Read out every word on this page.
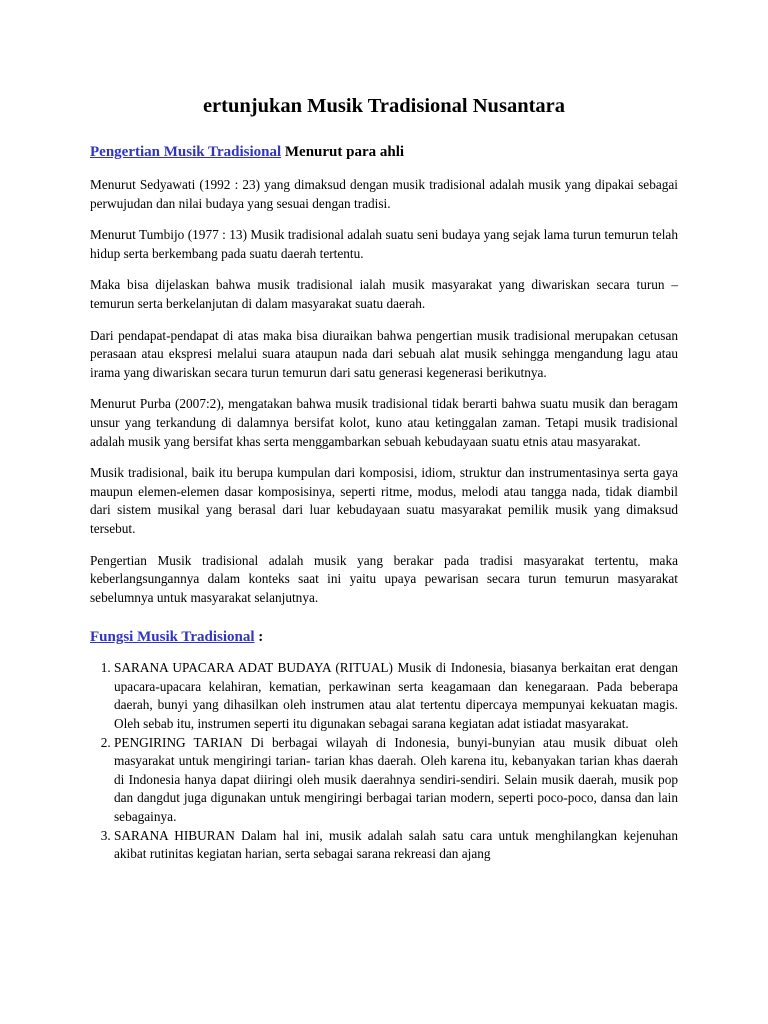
ertunjukan Musik Tradisional Nusantara
Pengertian Musik Tradisional Menurut para ahli

Menurut Sedyawati (1992 : 23) yang dimaksud dengan musik tradisional adalah musik yang dipakai sebagai perwujudan dan nilai budaya yang sesuai dengan tradisi.

Menurut Tumbijo (1977 : 13) Musik tradisional adalah suatu seni budaya yang sejak lama turun temurun telah hidup serta berkembang pada suatu daerah tertentu.

Maka bisa dijelaskan bahwa musik tradisional ialah musik masyarakat yang diwariskan secara turun – temurun serta berkelanjutan di dalam masyarakat suatu daerah.

Dari pendapat-pendapat di atas maka bisa diuraikan bahwa pengertian musik tradisional merupakan cetusan perasaan atau ekspresi melalui suara ataupun nada dari sebuah alat musik sehingga mengandung lagu atau irama yang diwariskan secara turun temurun dari satu generasi kegenerasi berikutnya.

Menurut Purba (2007:2), mengatakan bahwa musik tradisional tidak berarti bahwa suatu musik dan beragam unsur yang terkandung di dalamnya bersifat kolot, kuno atau ketinggalan zaman. Tetapi musik tradisional adalah musik yang bersifat khas serta menggambarkan sebuah kebudayaan suatu etnis atau masyarakat.

Musik tradisional, baik itu berupa kumpulan dari komposisi, idiom, struktur dan instrumentasinya serta gaya maupun elemen-elemen dasar komposisinya, seperti ritme, modus, melodi atau tangga nada, tidak diambil dari sistem musikal yang berasal dari luar kebudayaan suatu masyarakat pemilik musik yang dimaksud tersebut.

Pengertian Musik tradisional adalah musik yang berakar pada tradisi masyarakat tertentu, maka keberlangsungannya dalam konteks saat ini yaitu upaya pewarisan secara turun temurun masyarakat sebelumnya untuk masyarakat selanjutnya.

Fungsi Musik Tradisional :
1. SARANA UPACARA ADAT BUDAYA (RITUAL) Musik di Indonesia, biasanya berkaitan erat dengan upacara-upacara kelahiran, kematian, perkawinan serta keagamaan dan kenegaraan. Pada beberapa daerah, bunyi yang dihasilkan oleh instrumen atau alat tertentu dipercaya mempunyai kekuatan magis. Oleh sebab itu, instrumen seperti itu digunakan sebagai sarana kegiatan adat istiadat masyarakat.
2. PENGIRING TARIAN Di berbagai wilayah di Indonesia, bunyi-bunyian atau musik dibuat oleh masyarakat untuk mengiringi tarian- tarian khas daerah. Oleh karena itu, kebanyakan tarian khas daerah di Indonesia hanya dapat diiringi oleh musik daerahnya sendiri-sendiri. Selain musik daerah, musik pop dan dangdut juga digunakan untuk mengiringi berbagai tarian modern, seperti poco-poco, dansa dan lain sebagainya.
3. SARANA HIBURAN Dalam hal ini, musik adalah salah satu cara untuk menghilangkan kejenuhan akibat rutinitas kegiatan harian, serta sebagai sarana rekreasi dan ajang
